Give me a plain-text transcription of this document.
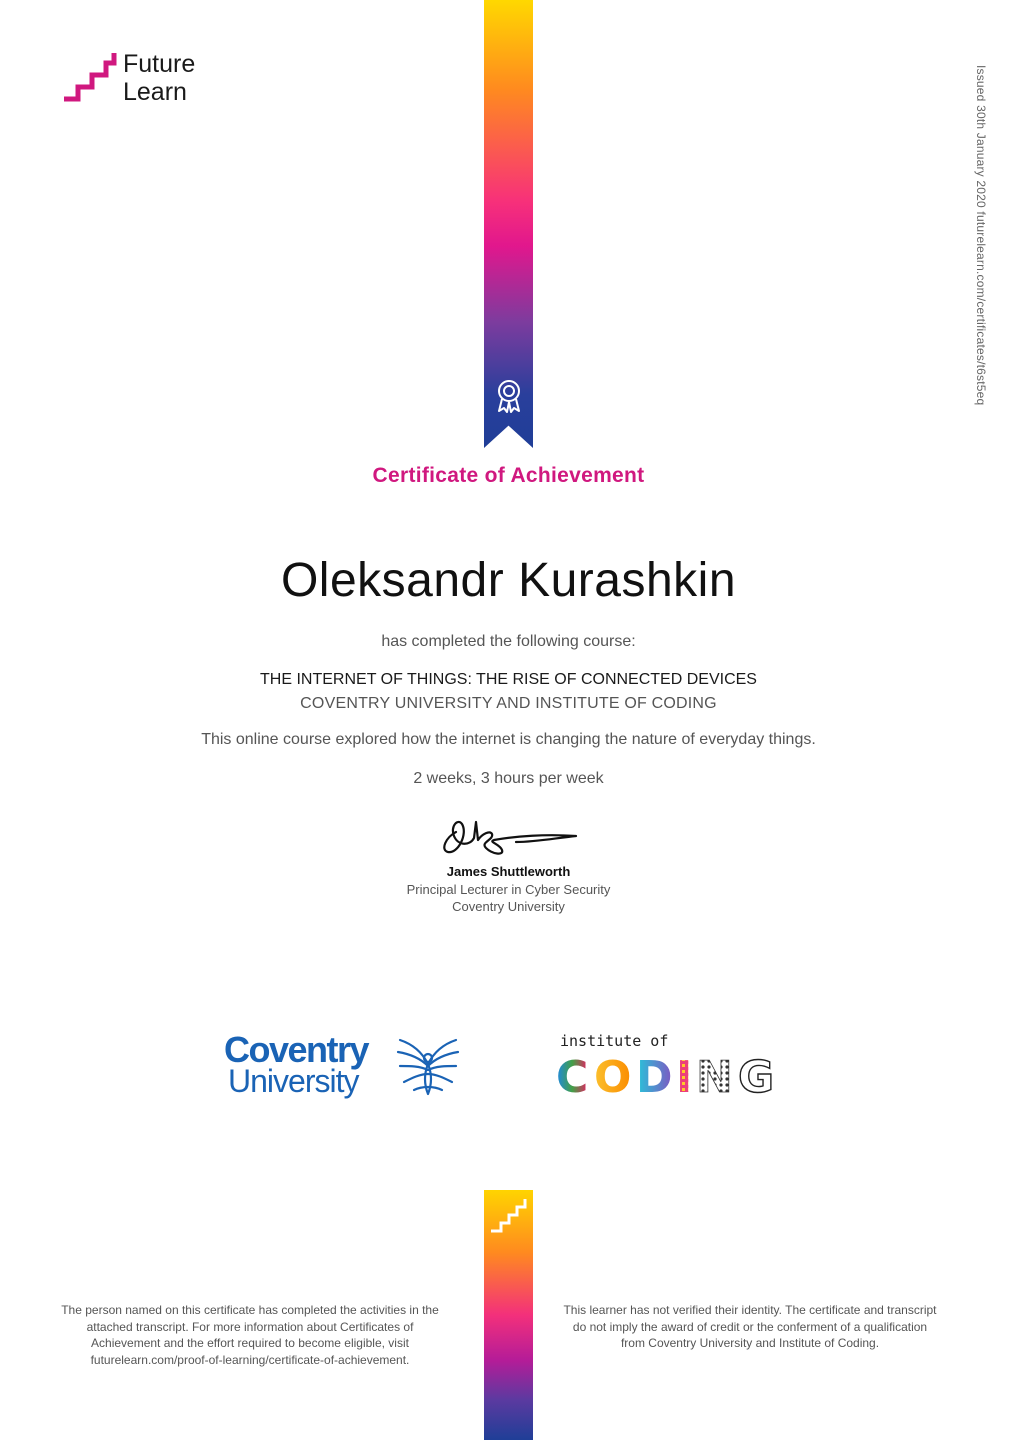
Future
Learn	Issued 30th January 2020 futurelearn.com/certificates/t6st5eq
Certificate of Achievement
Oleksandr Kurashkin
has completed the following course:
THE INTERNET OF THINGS: THE RISE OF CONNECTED DEVICES
COVENTRY UNIVERSITY AND INSTITUTE OF CODING
This online course explored how the internet is changing the nature of everyday things.
2 weeks, 3 hours per week
James Shuttleworth
Principal Lecturer in Cyber Security
Coventry University
Coventry
University
institute of
C O D I N G
The person named on this certificate has completed the activities in the
attached transcript. For more information about Certificates of
Achievement and the effort required to become eligible, visit
futurelearn.com/proof-of-learning/certificate-of-achievement.
This learner has not verified their identity. The certificate and transcript
do not imply the award of credit or the conferment of a qualification
from Coventry University and Institute of Coding.
